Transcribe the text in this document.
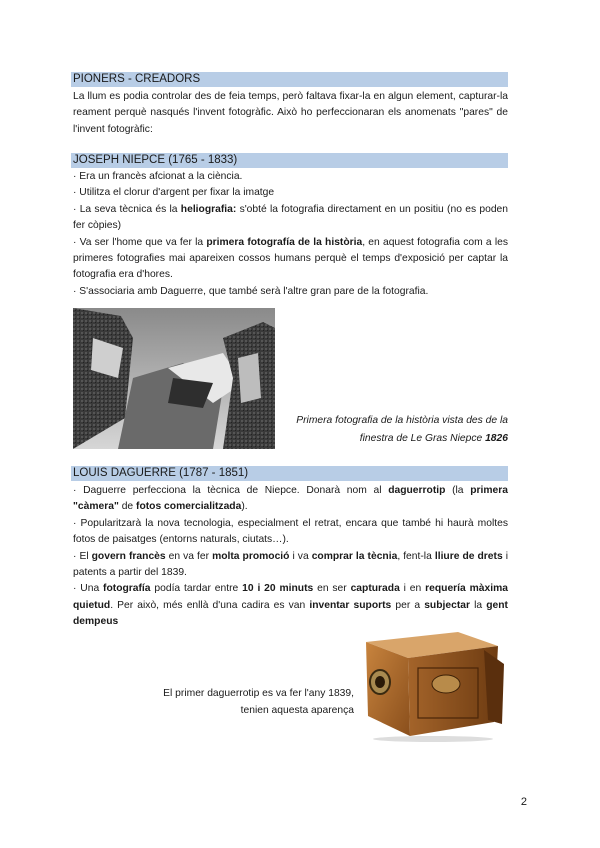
PIONERS - CREADORS

La llum es podia controlar des de feia temps, però faltava fixar-la en algun element, capturar-la reament perquè nasqués l'invent fotogràfic. Això ho perfeccionaran els anomenats "pares" de l'invent fotogràfic:

JOSEPH NIEPCE (1765 - 1833)
· Era un francès afcionat a la ciència.
· Utilitza el clorur d'argent per fixar la imatge
· La seva tècnica és la heliografia: s'obté la fotografia directament en un positiu (no es poden fer còpies)
· Va ser l'home que va fer la primera fotografía de la història, en aquest fotografia com a les primeres fotografies mai apareixen cossos humans perquè el temps d'exposició per captar la fotografia era d'hores.
· S'associaria amb Daguerre, que també serà l'altre gran pare de la fotografia.
Primera fotografia de la història vista des de la
finestra de Le Gras Niepce 1826
LOUIS DAGUERRE (1787 - 1851)
· Daguerre perfecciona la tècnica de Niepce. Donarà nom al daguerrotip (la primera "càmera" de fotos comercialitzada).
· Popularitzarà la nova tecnologia, especialment el retrat, encara que també hi haurà moltes fotos de paisatges (entorns naturals, ciutats…).
· El govern francès en va fer molta promoció i va comprar la tècnia, fent-la lliure de drets i patents a partir del 1839.
· Una fotografía podía tardar entre 10 i 20 minuts en ser capturada i en requería màxima quietud. Per això, més enllà d'una cadira es van inventar suports per a subjectar la gent dempeus
El primer daguerrotip es va fer l'any 1839,
tenien aquesta aparença
2
